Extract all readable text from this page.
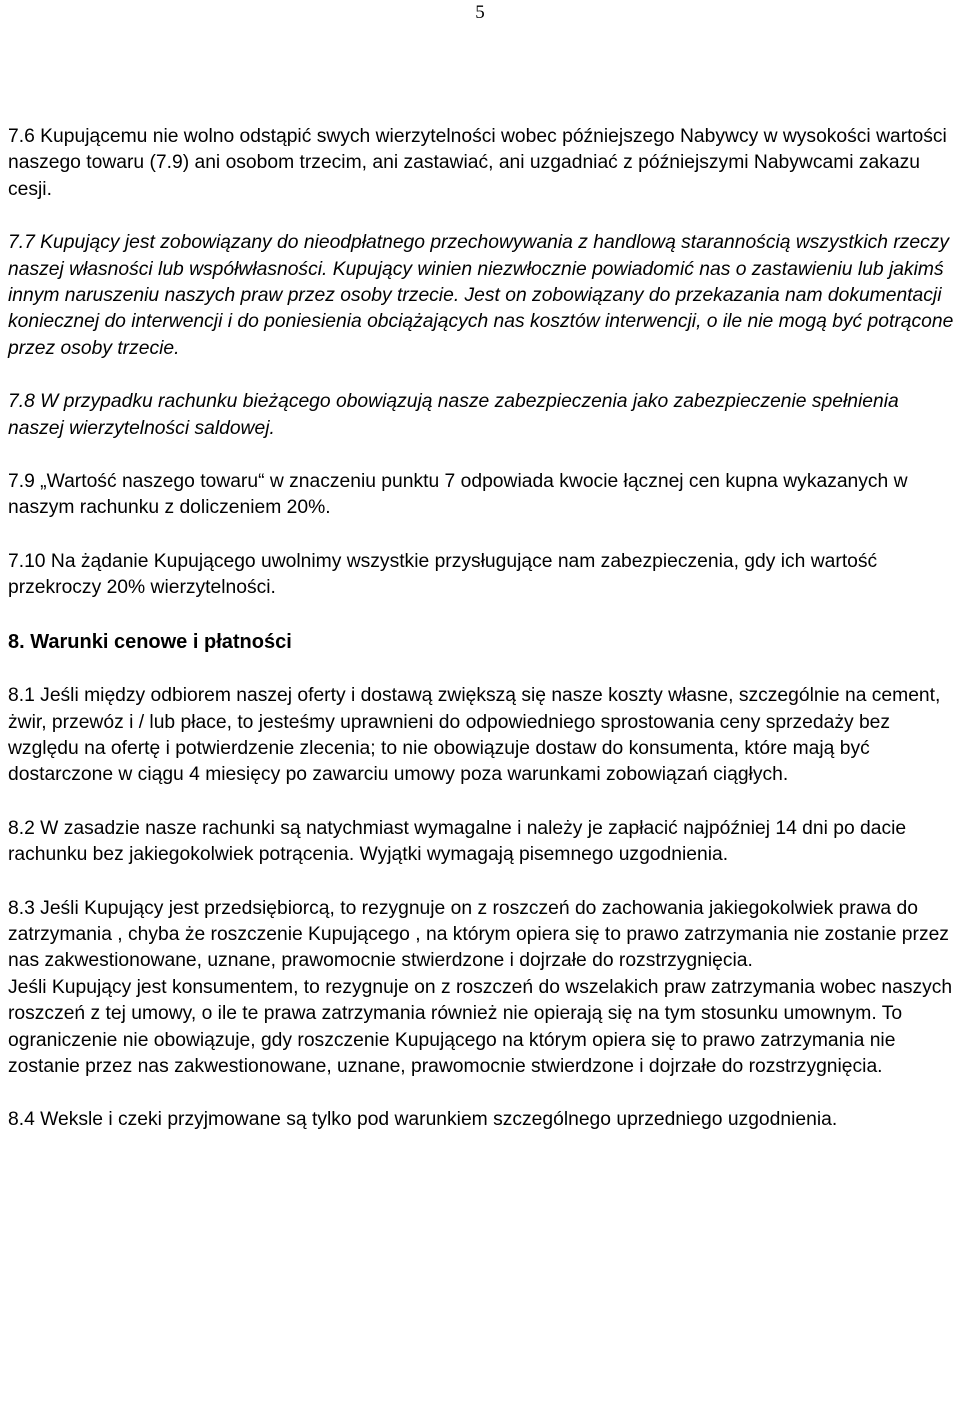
5

7.6 Kupującemu nie wolno odstąpić swych wierzytelności wobec późniejszego Nabywcy w wysokości wartości naszego towaru (7.9) ani osobom trzecim, ani zastawiać, ani uzgadniać z późniejszymi Nabywcami zakazu cesji.

7.7 Kupujący jest zobowiązany do nieodpłatnego przechowywania z handlową starannością wszystkich rzeczy naszej własności lub współwłasności. Kupujący winien niezwłocznie powiadomić nas o zastawieniu lub jakimś innym naruszeniu naszych praw przez osoby trzecie. Jest on zobowiązany do przekazania nam dokumentacji koniecznej do interwencji i do poniesienia obciążających nas kosztów interwencji, o ile nie mogą być potrącone przez osoby trzecie.

7.8 W przypadku rachunku bieżącego obowiązują nasze zabezpieczenia jako zabezpieczenie spełnienia naszej wierzytelności saldowej.

7.9 „Wartość naszego towaru“ w znaczeniu punktu 7 odpowiada kwocie łącznej cen kupna wykazanych w naszym rachunku z doliczeniem 20%.

7.10 Na żądanie Kupującego uwolnimy wszystkie przysługujące nam zabezpieczenia, gdy ich wartość przekroczy 20% wierzytelności.

8. Warunki cenowe i płatności

8.1 Jeśli między odbiorem naszej oferty i dostawą zwiększą się nasze koszty własne, szczególnie na cement, żwir, przewóz i / lub płace, to jesteśmy uprawnieni do odpowiedniego sprostowania ceny sprzedaży bez względu na ofertę i potwierdzenie zlecenia; to nie obowiązuje dostaw do konsumenta, które mają być dostarczone w ciągu 4 miesięcy po zawarciu umowy poza warunkami zobowiązań ciągłych.

8.2 W zasadzie nasze rachunki są natychmiast wymagalne i należy je zapłacić najpóźniej 14 dni po dacie rachunku bez jakiegokolwiek potrącenia. Wyjątki wymagają pisemnego uzgodnienia.

8.3 Jeśli Kupujący jest przedsiębiorcą, to rezygnuje on z roszczeń do zachowania jakiegokolwiek prawa do zatrzymania , chyba że roszczenie Kupującego , na którym opiera się to prawo zatrzymania nie zostanie przez nas zakwestionowane, uznane, prawomocnie stwierdzone i dojrzałe do rozstrzygnięcia.

Jeśli Kupujący jest konsumentem, to rezygnuje on z roszczeń do wszelakich praw zatrzymania wobec naszych roszczeń z tej umowy, o ile te prawa zatrzymania również nie opierają się na tym stosunku umownym. To ograniczenie nie obowiązuje, gdy roszczenie Kupującego na którym opiera się to prawo zatrzymania nie zostanie przez nas zakwestionowane, uznane, prawomocnie stwierdzone i dojrzałe do rozstrzygnięcia.

8.4 Weksle i czeki przyjmowane są tylko pod warunkiem szczególnego uprzedniego uzgodnienia.
